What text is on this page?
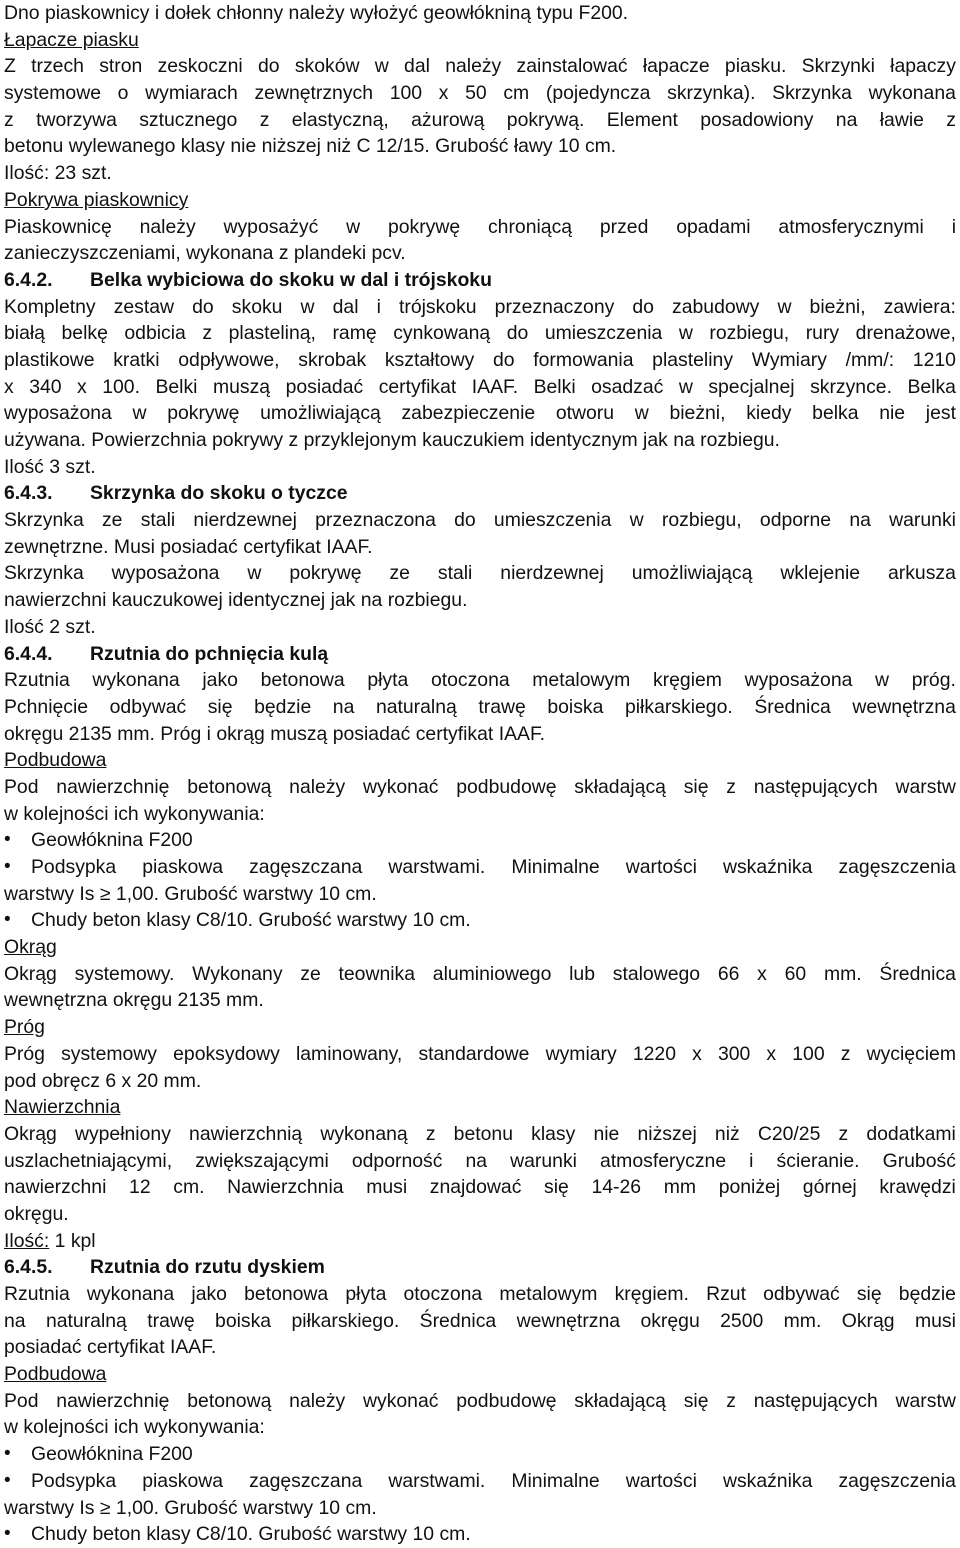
Dno piaskownicy i dołek chłonny należy wyłożyć geowłókniną typu F200.
Łapacze piasku
Z trzech stron zeskoczni do skoków w dal należy zainstalować łapacze piasku. Skrzynki łapaczy
systemowe o wymiarach zewnętrznych 100 x 50 cm (pojedyncza skrzynka). Skrzynka wykonana
z tworzywa sztucznego z elastyczną, ażurową pokrywą. Element posadowiony na ławie z
betonu wylewanego klasy nie niższej niż C 12/15. Grubość ławy 10 cm.
Ilość: 23 szt.
Pokrywa piaskownicy
Piaskownicę należy wyposażyć w pokrywę chroniącą przed opadami atmosferycznymi i
zanieczyszczeniami, wykonana z plandeki pcv.
6.4.2. Belka wybiciowa do skoku w dal i trójskoku
Kompletny zestaw do skoku w dal i trójskoku przeznaczony do zabudowy w bieżni, zawiera:
białą belkę odbicia z plasteliną, ramę cynkowaną do umieszczenia w rozbiegu, rury drenażowe,
plastikowe kratki odpływowe, skrobak kształtowy do formowania plasteliny Wymiary /mm/: 1210
x 340 x 100. Belki muszą posiadać certyfikat IAAF. Belki osadzać w specjalnej skrzynce. Belka
wyposażona w pokrywę umożliwiającą zabezpieczenie otworu w bieżni, kiedy belka nie jest
używana. Powierzchnia pokrywy z przyklejonym kauczukiem identycznym jak na rozbiegu.
Ilość 3 szt.
6.4.3. Skrzynka do skoku o tyczce
Skrzynka ze stali nierdzewnej przeznaczona do umieszczenia w rozbiegu, odporne na warunki
zewnętrzne. Musi posiadać certyfikat IAAF.
Skrzynka wyposażona w pokrywę ze stali nierdzewnej umożliwiającą wklejenie arkusza
nawierzchni kauczukowej identycznej jak na rozbiegu.
Ilość 2 szt.
6.4.4. Rzutnia do pchnięcia kulą
Rzutnia wykonana jako betonowa płyta otoczona metalowym kręgiem wyposażona w próg.
Pchnięcie odbywać się będzie na naturalną trawę boiska piłkarskiego. Średnica wewnętrzna
okręgu 2135 mm. Próg i okrąg muszą posiadać certyfikat IAAF.
Podbudowa
Pod nawierzchnię betonową należy wykonać podbudowę składającą się z następujących warstw
w kolejności ich wykonywania:
•	Geowłóknina F200
•	Podsypka piaskowa zagęszczana warstwami. Minimalne wartości wskaźnika zagęszczenia
warstwy Is ≥ 1,00. Grubość warstwy 10 cm.
•	Chudy beton klasy C8/10. Grubość warstwy 10 cm.
Okrąg
Okrąg systemowy. Wykonany ze teownika aluminiowego lub stalowego 66 x 60 mm. Średnica
wewnętrzna okręgu 2135 mm.
Próg
Próg systemowy epoksydowy laminowany, standardowe wymiary 1220 x 300 x 100 z wycięciem
pod obręcz 6 x 20 mm.
Nawierzchnia
Okrąg wypełniony nawierzchnią wykonaną z betonu klasy nie niższej niż C20/25 z dodatkami
uszlachetniającymi, zwiększającymi odporność na warunki atmosferyczne i ścieranie. Grubość
nawierzchni 12 cm. Nawierzchnia musi znajdować się 14-26 mm poniżej górnej krawędzi
okręgu.
Ilość: 1 kpl
6.4.5. Rzutnia do rzutu dyskiem
Rzutnia wykonana jako betonowa płyta otoczona metalowym kręgiem. Rzut odbywać się będzie
na naturalną trawę boiska piłkarskiego. Średnica wewnętrzna okręgu 2500 mm. Okrąg musi
posiadać certyfikat IAAF.
Podbudowa
Pod nawierzchnię betonową należy wykonać podbudowę składającą się z następujących warstw
w kolejności ich wykonywania:
•	Geowłóknina F200
•	Podsypka piaskowa zagęszczana warstwami. Minimalne wartości wskaźnika zagęszczenia
warstwy Is ≥ 1,00. Grubość warstwy 10 cm.
•	Chudy beton klasy C8/10. Grubość warstwy 10 cm.
